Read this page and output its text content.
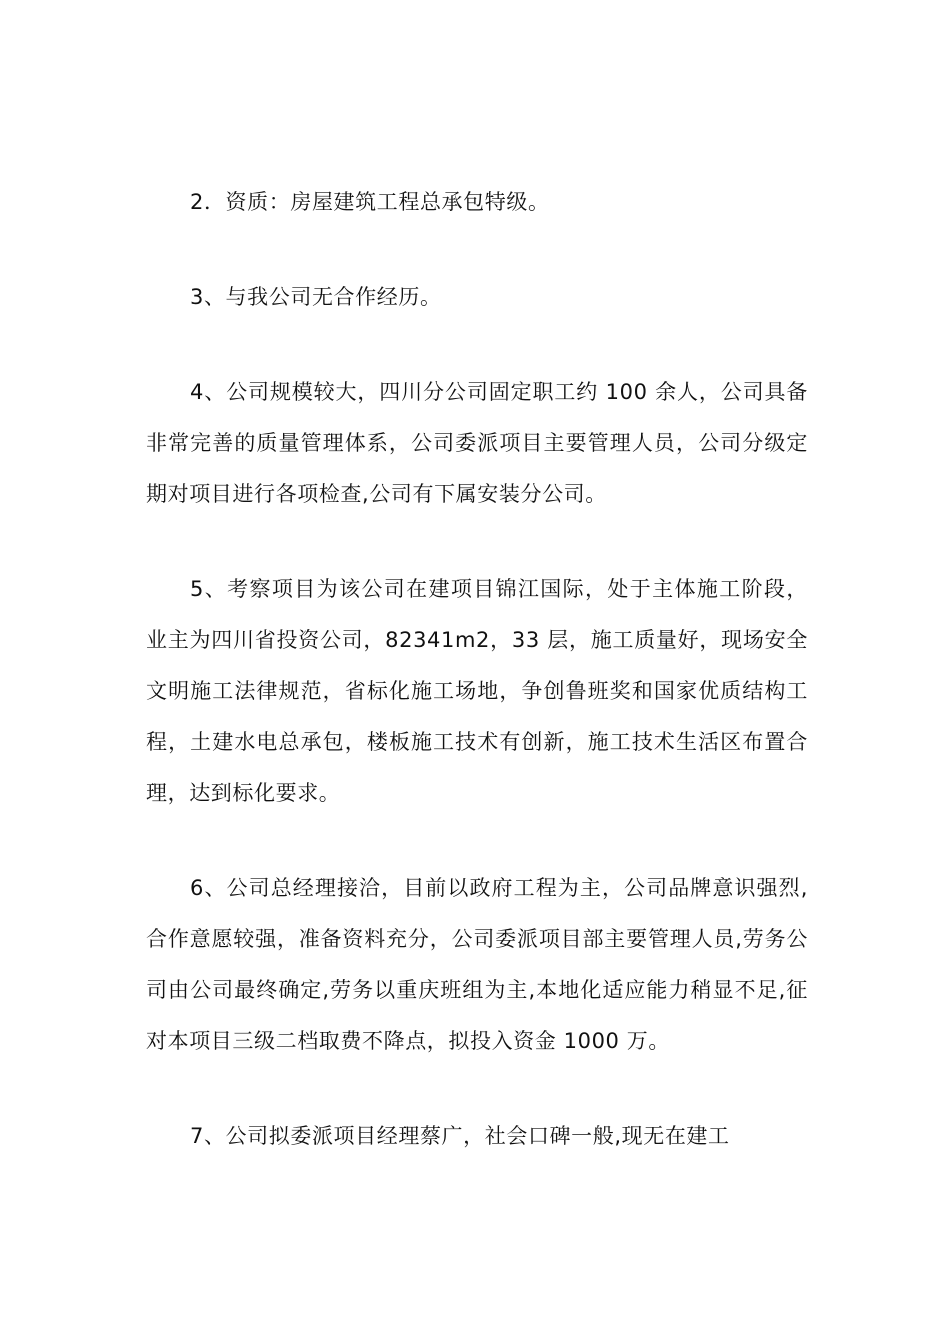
2．资质：房屋建筑工程总承包特级。

3、与我公司无合作经历。

4、公司规模较大，四川分公司固定职工约 100 余人，公司具备非常完善的质量管理体系，公司委派项目主要管理人员，公司分级定期对项目进行各项检查,公司有下属安装分公司。

5、考察项目为该公司在建项目锦江国际，处于主体施工阶段，业主为四川省投资公司，82341m2，33 层，施工质量好，现场安全文明施工法律规范，省标化施工场地，争创鲁班奖和国家优质结构工程，土建水电总承包，楼板施工技术有创新，施工技术生活区布置合理，达到标化要求。

6、公司总经理接洽，目前以政府工程为主，公司品牌意识强烈,合作意愿较强，准备资料充分，公司委派项目部主要管理人员,劳务公司由公司最终确定,劳务以重庆班组为主,本地化适应能力稍显不足,征对本项目三级二档取费不降点，拟投入资金 1000 万。

7、公司拟委派项目经理蔡广，社会口碑一般,现无在建工
